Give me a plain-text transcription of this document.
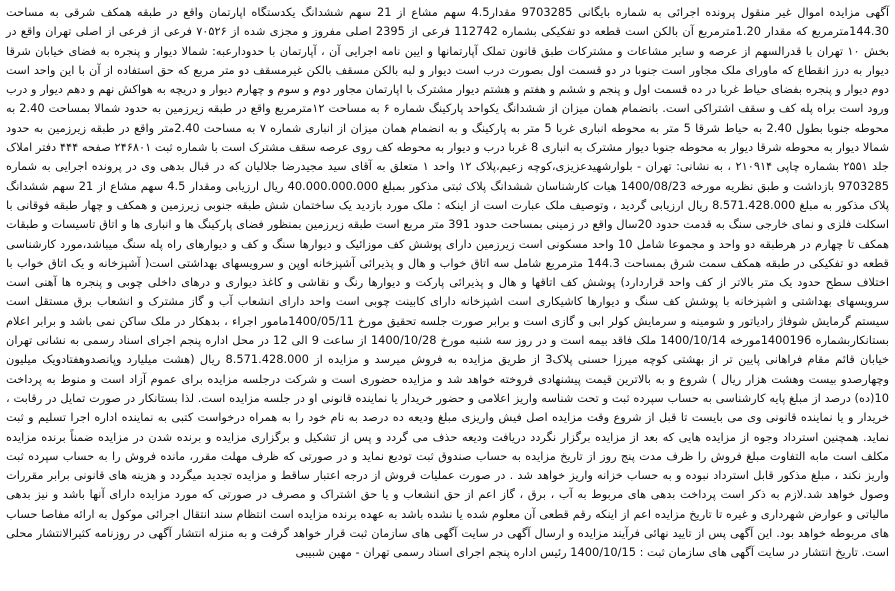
آگهی مزایده اموال غیر منقول پرونده اجرائی به شماره بایگانی 9703285 مقدار4.5 سهم مشاع از 21 سهم ششدانگ یکدستگاه اپارتمان واقع در طبقه همکف شرقی به مساحت 144.30مترمربع که مقدار 1.20مترمربع آن بالکن است قطعه دو تفکیکی بشماره 112742 فرعی از 2395 اصلی مفروز و مجزی شده از ۷۰۵۲۶ فرعی از فرعی از اصلی تهران واقع در بخش ۱۰ تهران با قدرالسهم از عرصه و سایر مشاعات و مشترکات طبق قانون تملک آپارتمانها و ایین نامه اجرایی آن ، آپارتمان با حدودارعبه: شمالا دیوار و پنجره به فضای خیابان شرقا دیوار به درز انقطاع که ماورای ملک مجاور است جنوبا در دو قسمت اول بصورت درب است دیوار و لبه بالکن مسقف بالکن غیرمسقف دو متر مربع که حق استفاده از آن با این واحد است دوم دیوار و پنجره بفضای حیاط غربا در ده قسمت اول و پنجم و ششم و هفتم و هشتم دیوار مشترک با اپارتمان مجاور دوم و سوم و چهارم دیوار و دریچه به هواکش نهم و دهم دیوار و درب ورود است براه پله کف و سقف اشتراکی است. بانضمام همان میزان از ششدانگ یکواحد پارکینگ شماره ۶ به مساحت ۱۲مترمربع واقع در طبقه زیرزمین به حدود شمالا بمساحت 2.40 به محوطه جنوبا بطول 2.40 به حیاط شرقا 5 متر به محوطه انباری غربا 5 متر به پارکینگ و به انضمام همان میزان از انباری شماره ۷ به مساحت 2.40متر واقع در طبقه زیرزمین به حدود شمالا دیوار به محوطه شرقا دیوار به محوطه جنوبا دیوار مشترک به انباری 8 غربا درب و دیوار به محوطه کف روی عرصه سقف مشترک است با شماره ثبت ۲۴۶۸۰۱ صفحه ۴۴۴ دفتر املاک جلد ۲۵۵۱ بشماره چاپی ۲۱۰۹۱۴ ، به نشانی: تهران - بلوارشهیدعزیزی،کوچه زعیم،پلاک ۱۲ واحد ۱ متعلق به آقای سید مجیدرضا جلالیان که در قبال بدهی وی در پرونده اجرایی به شماره 9703285 بازداشت و طبق نظریه مورخه 1400/08/23 هیات کارشناسان ششدانگ پلاک ثبتی مذکور بمبلغ 40.000.000.000 ریال ارزیابی ومقدار 4.5 سهم مشاع از 21 سهم ششدانگ پلاک مذکور به مبلغ 8.571.428.000 ریال ارزیابی گردید ، وتوصیف ملک عبارت است از اینکه : ملک مورد بازدید یک ساختمان شش طبقه جنوبی زیرزمین و همکف و چهار طبقه فوقانی با اسکلت فلزی و نمای خارجی سنگ به قدمت حدود 20سال واقع در زمینی بمساحت حدود 391 متر مربع است طبقه زیرزمین بمنظور فضای پارکینگ ها و انباری ها و اتاق تاسیسات و طبقات همکف تا چهارم در هرطبقه دو واحد و مجموعا شامل 10 واحد مسکونی است زیرزمین دارای پوشش کف موزائیک و دیوارها سنگ و کف و دیوارهای راه پله سنگ میباشد،مورد کارشناسی قطعه دو تفکیکی در طبقه همکف سمت شرق بمساحت 144.3 مترمربع شامل سه اتاق خواب و هال و پذیرائی آشپزخانه اوپن و سرویسهای بهداشتی است( آشپزخانه و یک اتاق خواب با اختلاف سطح حدود یک متر بالاتر از کف واحد قراردارد) پوشش کف اتاقها و هال و پذیرائی پارکت و دیوارها رنگ و نقاشی و کاغذ دیواری و درهای داخلی چوبی و پنجره ها آهنی است سرویسهای بهداشتی و اشپزخانه با پوشش کف سنگ و دیوارها کاشیکاری است اشپزخانه دارای کابینت چوبی است واحد دارای انشعاب آب و گاز مشترک و انشعاب برق مستقل است سیستم گرمایش شوفاژ رادیاتور و شومینه و سرمایش کولر ابی و گازی است و برابر صورت جلسه تحقیق مورخ 1400/05/11مامور اجراء ، بدهکار در ملک ساکن نمی باشد و برابر اعلام بستانکاربشماره 1400196مورخه 1400/10/14 ملک فاقد بیمه است و در روز سه شنبه مورخ 1400/10/28 از ساعت 9 الی 12 در محل اداره پنجم اجرای اسناد رسمی به نشانی تهران خیابان قائم مقام فراهانی پایین تر از بهشتی کوچه میرزا حسنی پلاک3 از طریق مزایده به فروش میرسد و مزایده از 8.571.428.000 ریال (هشت میلیارد وپانصدوهفتادویک میلیون وچهارصدو بیست وهشت هزار ریال ) شروع و به بالاترین قیمت پیشنهادی فروخته خواهد شد و مزایده حضوری است و شرکت درجلسه مزایده برای عموم آزاد است و منوط به پرداخت 10(ده) درصد از مبلغ پایه کارشناسی به حساب سپرده ثبت و تحت شناسه واریز اعلامی و حضور خریدار یا نماینده قانونی او در جلسه مزایده است. لذا بستانکار در صورت تمایل در رقابت ، خریدار و یا نماینده قانونی وی می بایست تا قبل از شروع وقت مزایده اصل فیش واریزی مبلغ ودیعه ده درصد به نام خود را به همراه درخواست کتبی به نماینده اداره اجرا تسلیم و ثبت نماید. همچنین استرداد وجوه از مزایده هایی که بعد از مزایده برگزار نگردد دریافت ودیعه حذف می گردد و پس از تشکیل و برگزاری مزایده و برنده شدن در مزایده ضمناً برنده مزایده مکلف است مابه التفاوت مبلغ فروش را ظرف مدت پنج روز از تاریخ مزایده به حساب صندوق ثبت تودیع نماید و در صورتی که ظرف مهلت مقرر، مانده فروش را به حساب سپرده ثبت واریز نکند ، مبلغ مذکور قابل استرداد نبوده و به حساب خزانه واریز خواهد شد . در صورت عملیات فروش از درجه اعتبار ساقط و مزایده تجدید میگردد و هزینه های قانونی برابر مقررات وصول خواهد شد.لازم به ذکر است پرداخت بدهی های مربوط به آب ، برق ، گاز اعم از حق انشعاب و یا حق اشتراک و مصرف در صورتی که مورد مزایده دارای آنها باشد و نیز بدهی مالیاتی و عوارض شهرداری و غیره تا تاریخ مزایده اعم از اینکه رقم قطعی آن معلوم شده یا نشده باشد به عهده برنده مزایده است انتظام سند انتقال اجرائی موکول به ارائه مفاصا حساب های مربوطه خواهد بود. این آگهی پس از تایید نهائی فرآیند مزایده و ارسال آگهی در سایت آگهی های سازمان ثبت قرار خواهد گرفت و به منزله انتشار آگهی در روزنامه کثیرالانتشار محلی است. تاریخ انتشار در سایت آگهی های سازمان ثبت : 1400/10/15 رئیس اداره پنجم اجرای اسناد رسمی تهران - مهین شبیبی
